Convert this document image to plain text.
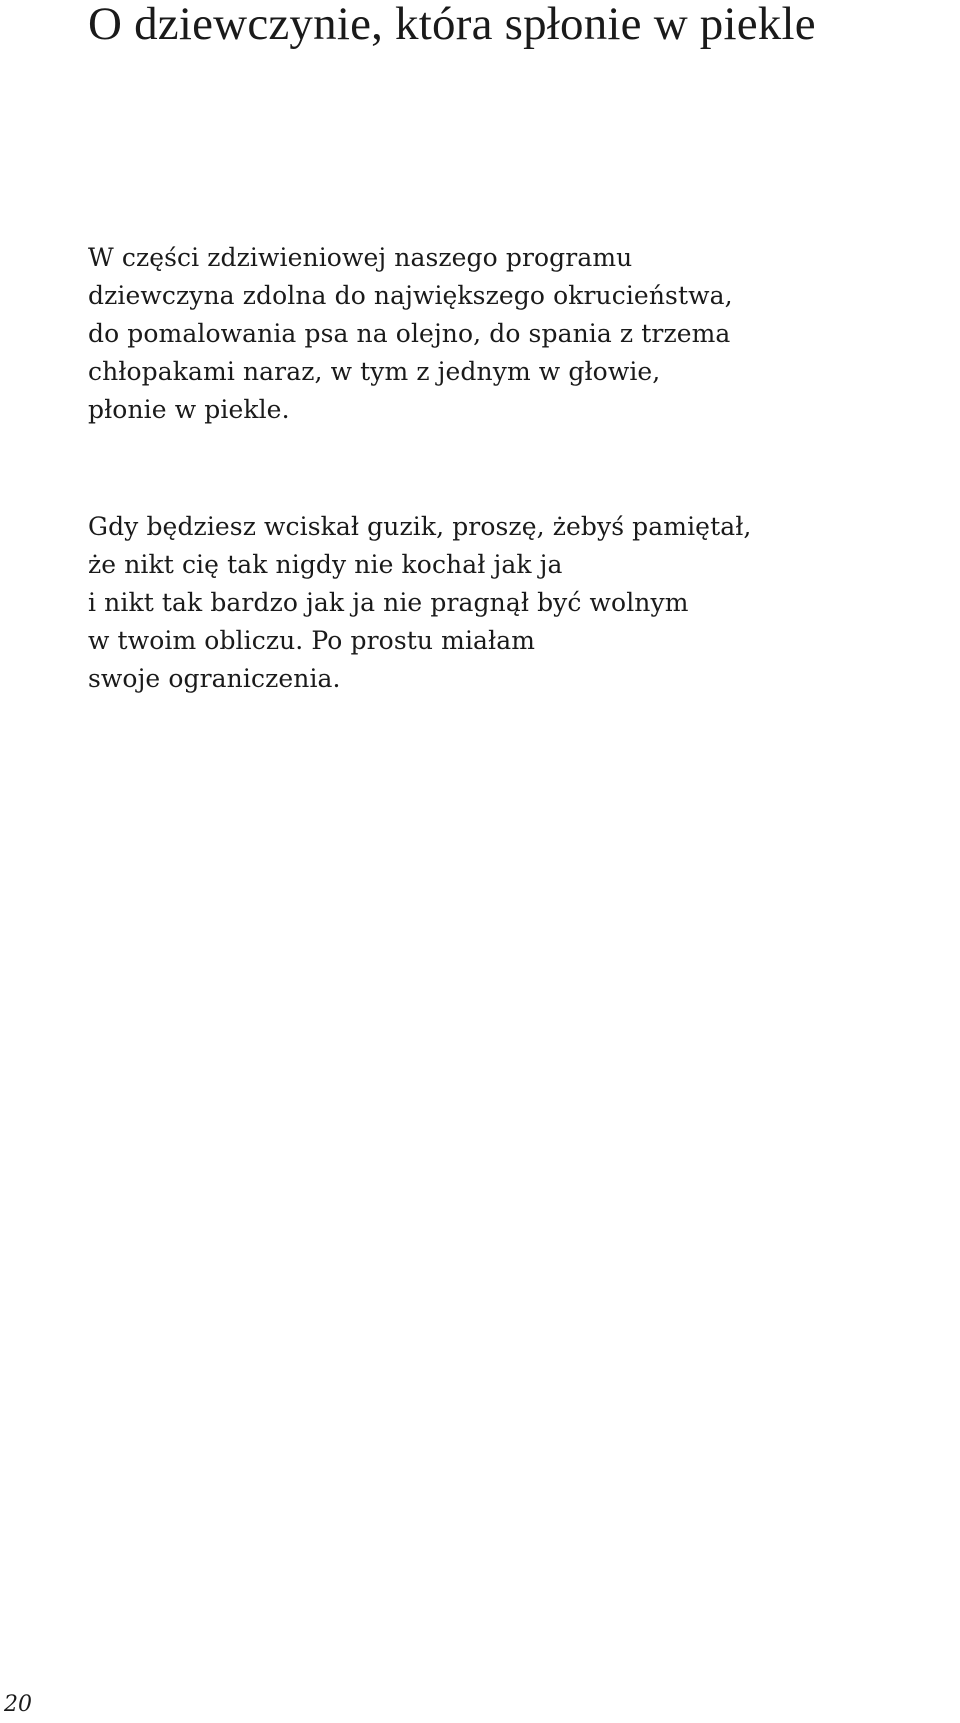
O dziewczynie, która spłonie w piekle
W części zdziwieniowej naszego programu
dziewczyna zdolna do największego okrucieństwa,
do pomalowania psa na olejno, do spania z trzema
chłopakami naraz, w tym z jednym w głowie,
płonie w piekle.
Gdy będziesz wciskał guzik, proszę, żebyś pamiętał,
że nikt cię tak nigdy nie kochał jak ja
i nikt tak bardzo jak ja nie pragnął być wolnym
w twoim obliczu. Po prostu miałam
swoje ograniczenia.
20
